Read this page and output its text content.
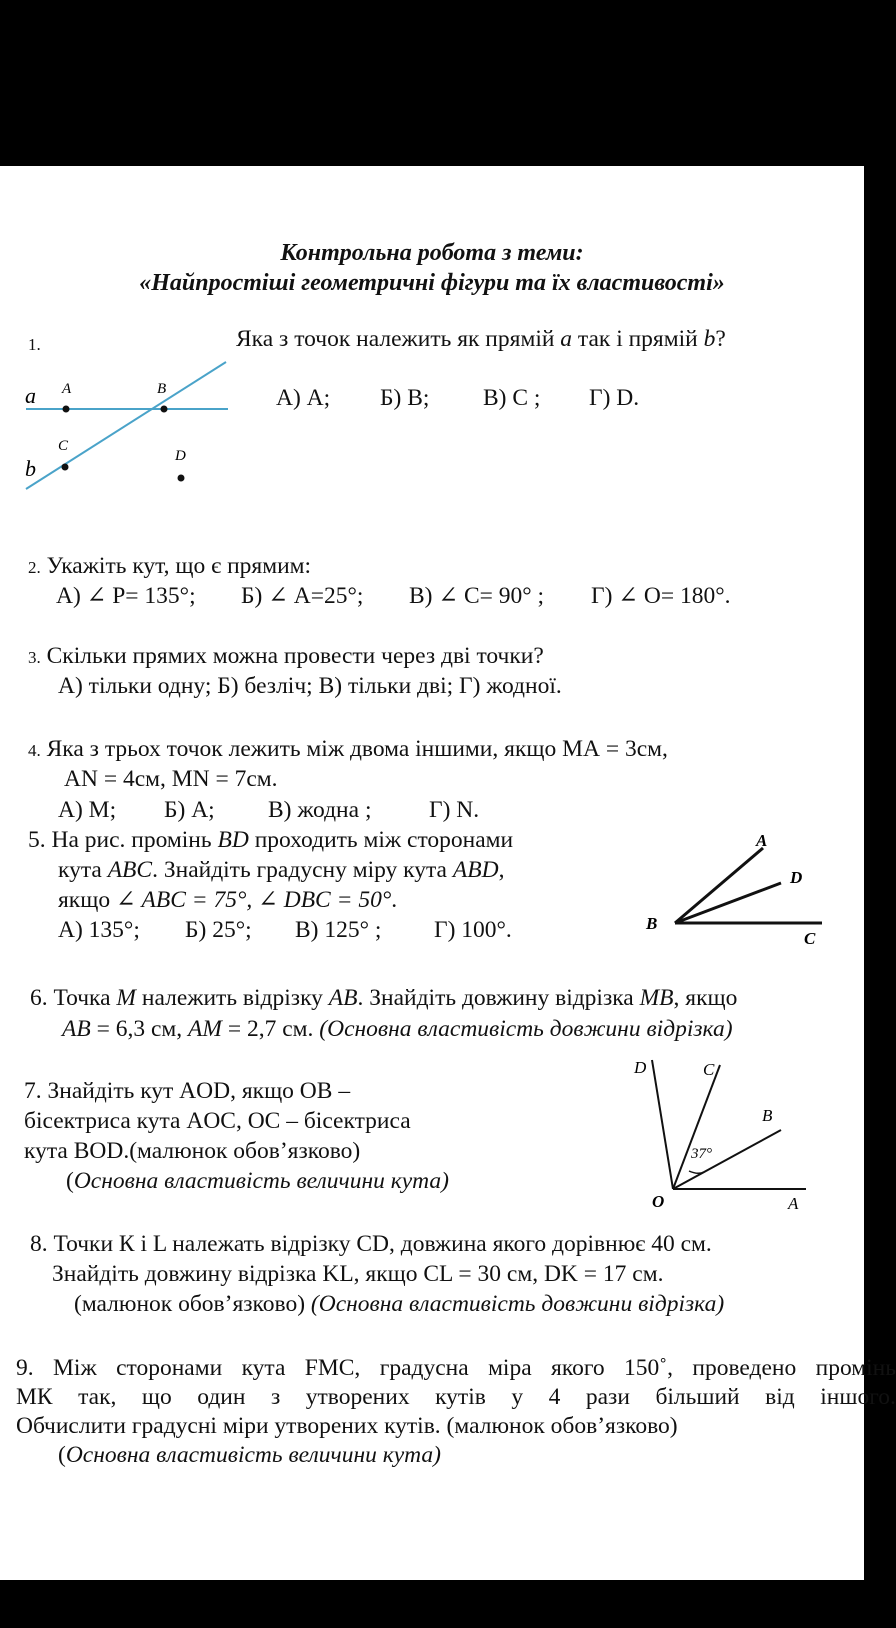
Контрольна робота з теми:
«Найпростіші геометричні фігури та їх властивості»
1.	Яка з точок належить як прямій a так і прямій b?
А) А; Б) В; В) С ; Г) D.
a
b
A	B
C
D
2. Укажіть кут, що є прямим:
А) ∠ P= 135°; Б) ∠ A=25°; В) ∠ C= 90° ; Г) ∠ O= 180°.
3. Скільки прямих можна провести через дві точки?
А) тільки одну; Б) безліч; В) тільки дві; Г) жодної.
4. Яка з трьох точок лежить між двома іншими, якщо МА = 3см,
AN = 4см, MN = 7см.
А) М; Б) А; В) жодна ; Г) N.
5. На рис. промінь BD проходить між сторонами
кута ABC. Знайдіть градусну міру кута ABD,
якщо ∠ ABC = 75°, ∠ DBC = 50°.
А) 135°; Б) 25°; В) 125° ; Г) 100°.
A
D
B
C
6. Точка M належить відрізку AB. Знайдіть довжину відрізка MB, якщо
AB = 6,3 см, AM = 2,7 см. (Основна властивість довжини відрізка)
7. Знайдіть кут AOD, якщо OB –
бісектриса кута AOC, OC – бісектриса
кута BOD.(малюнок обов’язково)
(Основна властивість величини кута)
D	C
B
O	A
37°
8. Точки К і L належать відрізку CD, довжина якого дорівнює 40 см.
Знайдіть довжину відрізка KL, якщо CL = 30 см, DK = 17 см.
(малюнок обов’язково) (Основна властивість довжини відрізка)
9. Між сторонами кута FMC, градусна міра якого 150˚, проведено промінь
МК так, що один з утворених кутів у 4 рази більший від іншого.
Обчислити градусні міри утворених кутів. (малюнок обов’язково)
(Основна властивість величини кута)
